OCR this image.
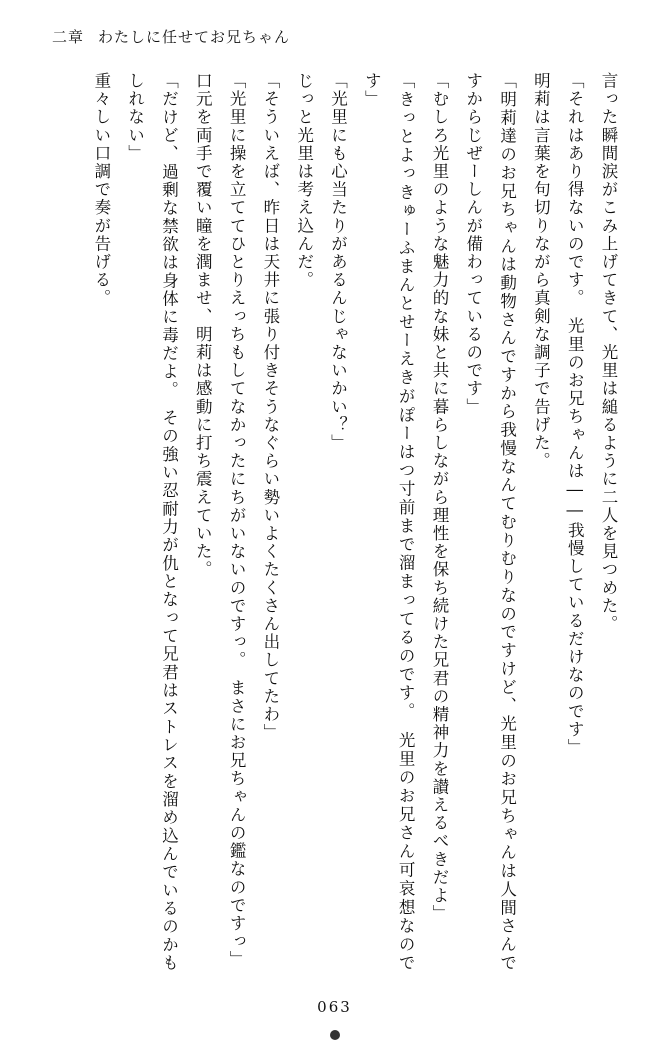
二章 わたしに任せてお兄ちゃん

言った瞬間涙がこみ上げてきて、光里は縋るように二人を見つめた。

「それはあり得ないのです。　光里のお兄ちゃんは――我慢しているだけなのです」

明莉は言葉を句切りながら真剣な調子で告げた。

「明莉達のお兄ちゃんは動物さんですから我慢なんてむりむりなのですけど、光里のお兄ちゃんは人間さんですからじぜーしんが備わっているのです」

「むしろ光里のような魅力的な妹と共に暮らしながら理性を保ち続けた兄君の精神力を讃えるべきだよ」

「きっとよっきゅーふまんとせーえきがぽーはつ寸前まで溜まってるのです。　光里のお兄さん可哀想なのです」

「光里にも心当たりがあるんじゃないかい？」

じっと光里は考え込んだ。

「そういえば、昨日は天井に張り付きそうなぐらい勢いよくたくさん出してたわ」

「光里に操を立ててひとりえっちもしてなかったにちがいないのですっ。　まさにお兄ちゃんの鑑なのですっ」

口元を両手で覆い瞳を潤ませ、明莉は感動に打ち震えていた。

「だけど、過剰な禁欲は身体に毒だよ。　その強い忍耐力が仇となって兄君はストレスを溜め込んでいるのかもしれない」

重々しい口調で奏が告げる。

063
